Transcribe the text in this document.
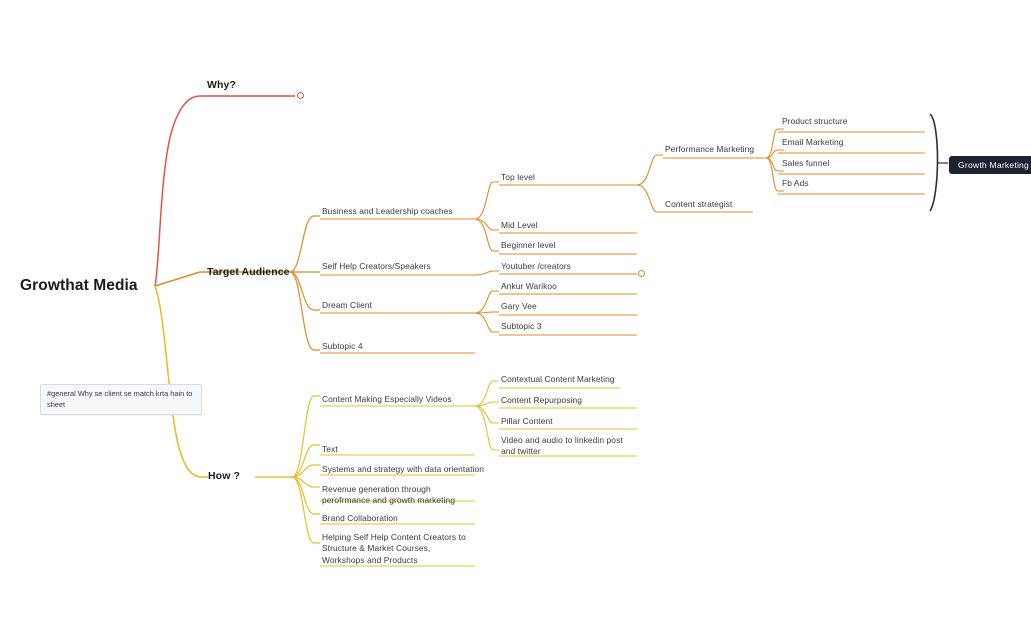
Growthat Media
Why?
Target Audience
Business and Leadership coaches
Self Help Creators/Speakers
Dream Client
Subtopic 4
Top level
Mid Level
Beginner level
Performance Marketing
Content strategist
Product structure
Email Marketing
Sales funnel
Fb Ads
Growth Marketing
Youtuber /creators
Ankur Warikoo
Gary Vee
Subtopic 3
How ?
Content Making Especially Videos
Text
Systems and strategy with data orientation
Revenue generation through perofrmance and growth marketing
Brand Collaboration
Helping Self Help Content Creators to Structure & Market Courses, Workshops and Products
Contextual Content Marketing
Content Repurposing
Pillar Content
Video and audio to linkedin post and twitter
#general Why se client se match krta hain to sheet
